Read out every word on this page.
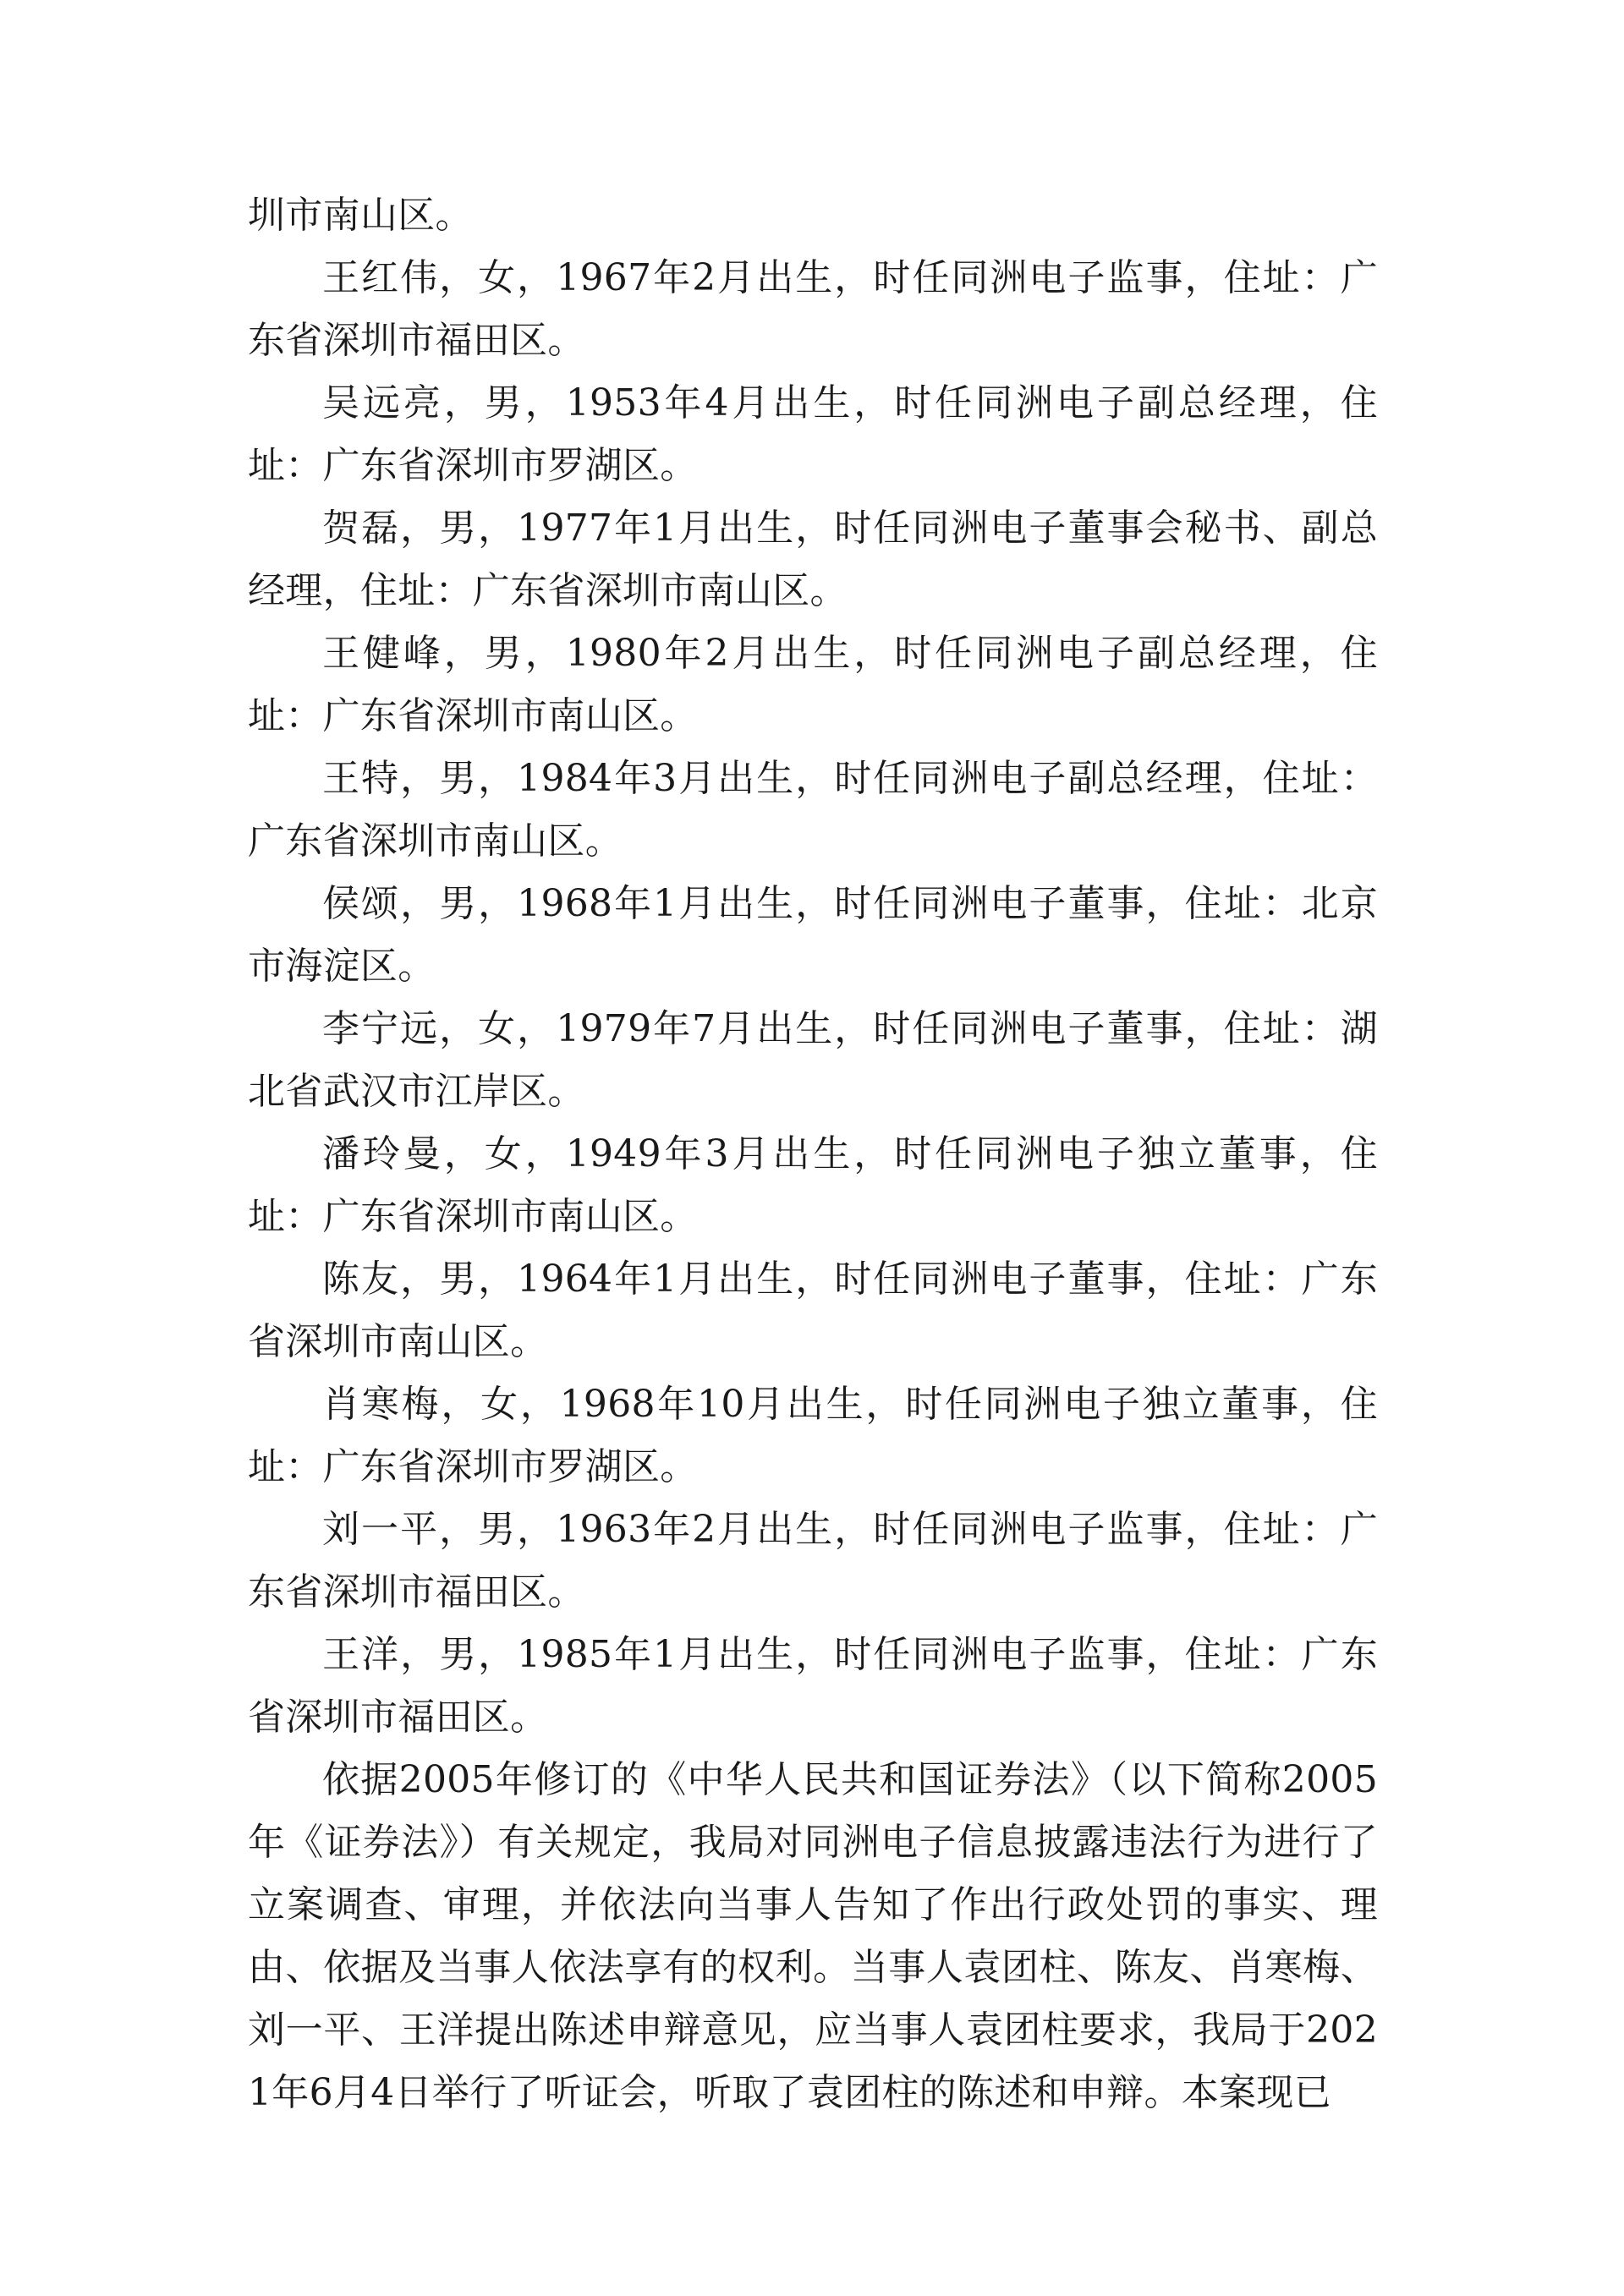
圳市南山区。

王红伟，女，1967年2月出生，时任同洲电子监事，住址：广东省深圳市福田区。

吴远亮，男，1953年4月出生，时任同洲电子副总经理，住址：广东省深圳市罗湖区。

贺磊，男，1977年1月出生，时任同洲电子董事会秘书、副总经理，住址：广东省深圳市南山区。

王健峰，男，1980年2月出生，时任同洲电子副总经理，住址：广东省深圳市南山区。

王特，男，1984年3月出生，时任同洲电子副总经理，住址：广东省深圳市南山区。

侯颂，男，1968年1月出生，时任同洲电子董事，住址：北京市海淀区。

李宁远，女，1979年7月出生，时任同洲电子董事，住址：湖北省武汉市江岸区。

潘玲曼，女，1949年3月出生，时任同洲电子独立董事，住址：广东省深圳市南山区。

陈友，男，1964年1月出生，时任同洲电子董事，住址：广东省深圳市南山区。

肖寒梅，女，1968年10月出生，时任同洲电子独立董事，住址：广东省深圳市罗湖区。

刘一平，男，1963年2月出生，时任同洲电子监事，住址：广东省深圳市福田区。

王洋，男，1985年1月出生，时任同洲电子监事，住址：广东省深圳市福田区。

依据2005年修订的《中华人民共和国证券法》（以下简称2005年《证券法》）有关规定，我局对同洲电子信息披露违法行为进行了立案调查、审理，并依法向当事人告知了作出行政处罚的事实、理由、依据及当事人依法享有的权利。当事人袁团柱、陈友、肖寒梅、刘一平、王洋提出陈述申辩意见，应当事人袁团柱要求，我局于2021年6月4日举行了听证会，听取了袁团柱的陈述和申辩。本案现已
